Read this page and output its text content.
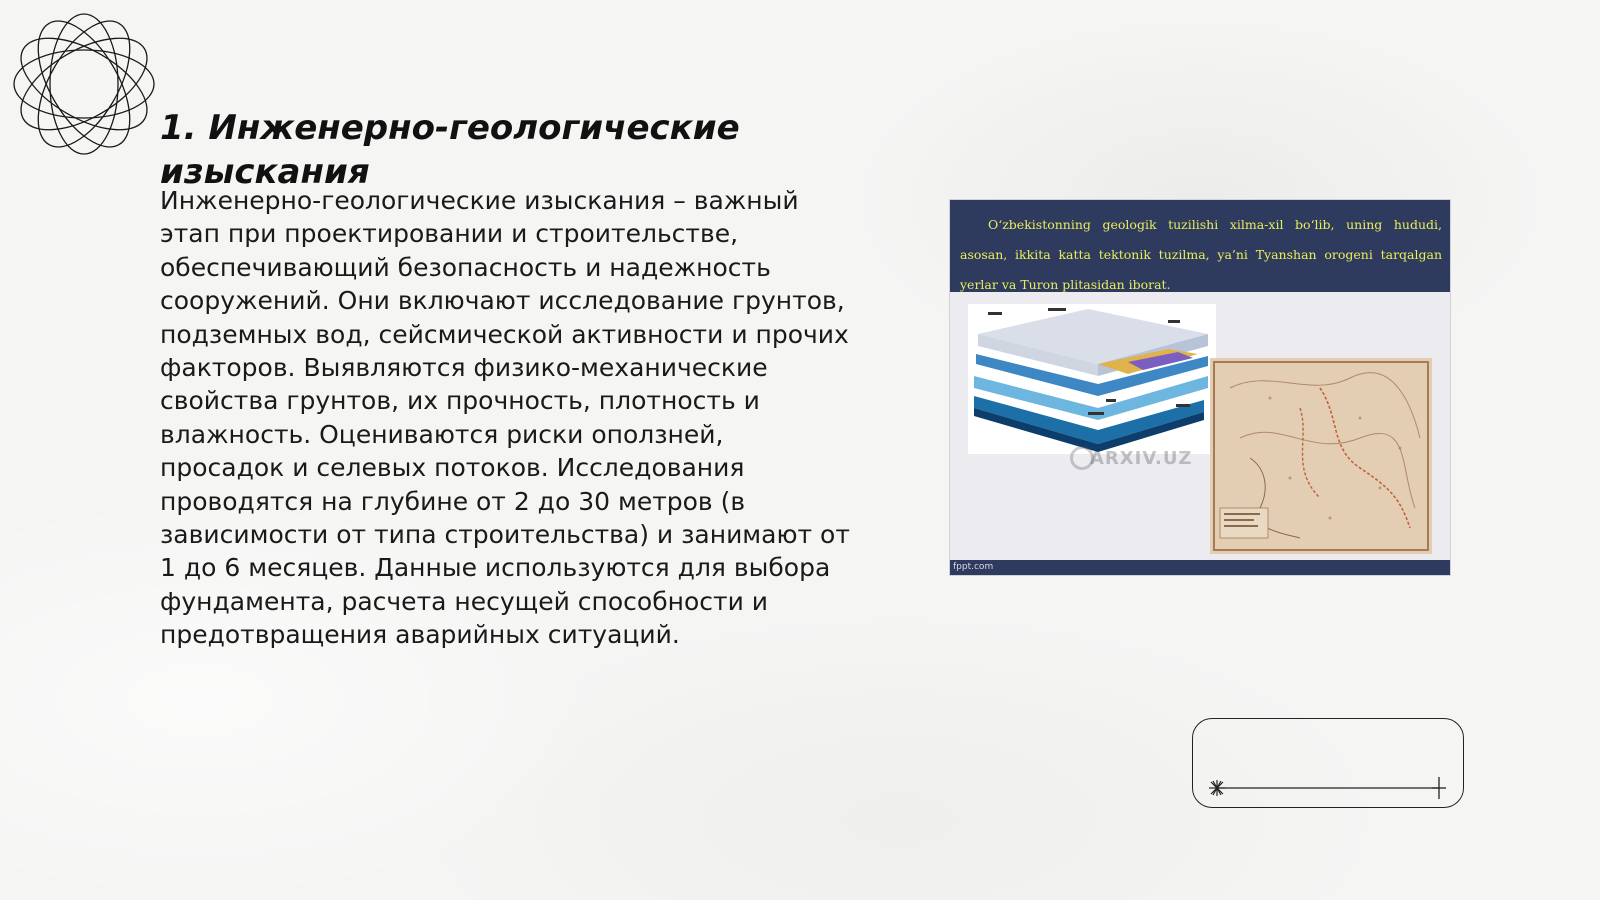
1. Инженерно-геологические изыскания

Инженерно-геологические изыскания – важный этап при проектировании и строительстве, обеспечивающий безопасность и надежность сооружений. Они включают исследование грунтов, подземных вод, сейсмической активности и прочих факторов. Выявляются физико-механические свойства грунтов, их прочность, плотность и влажность. Оцениваются риски оползней, просадок и селевых потоков. Исследования проводятся на глубине от 2 до 30 метров (в зависимости от типа строительства) и занимают от 1 до 6 месяцев. Данные используются для выбора фундамента, расчета несущей способности и предотвращения аварийных ситуаций.

O‘zbekistonning geologik tuzilishi xilma-xil bo‘lib, uning hududi, asosan, ikkita katta tektonik tuzilma, ya’ni Tyanshan orogeni tarqalgan yerlar va Turon plitasidan iborat.
ARXIV.UZ
fppt.com
